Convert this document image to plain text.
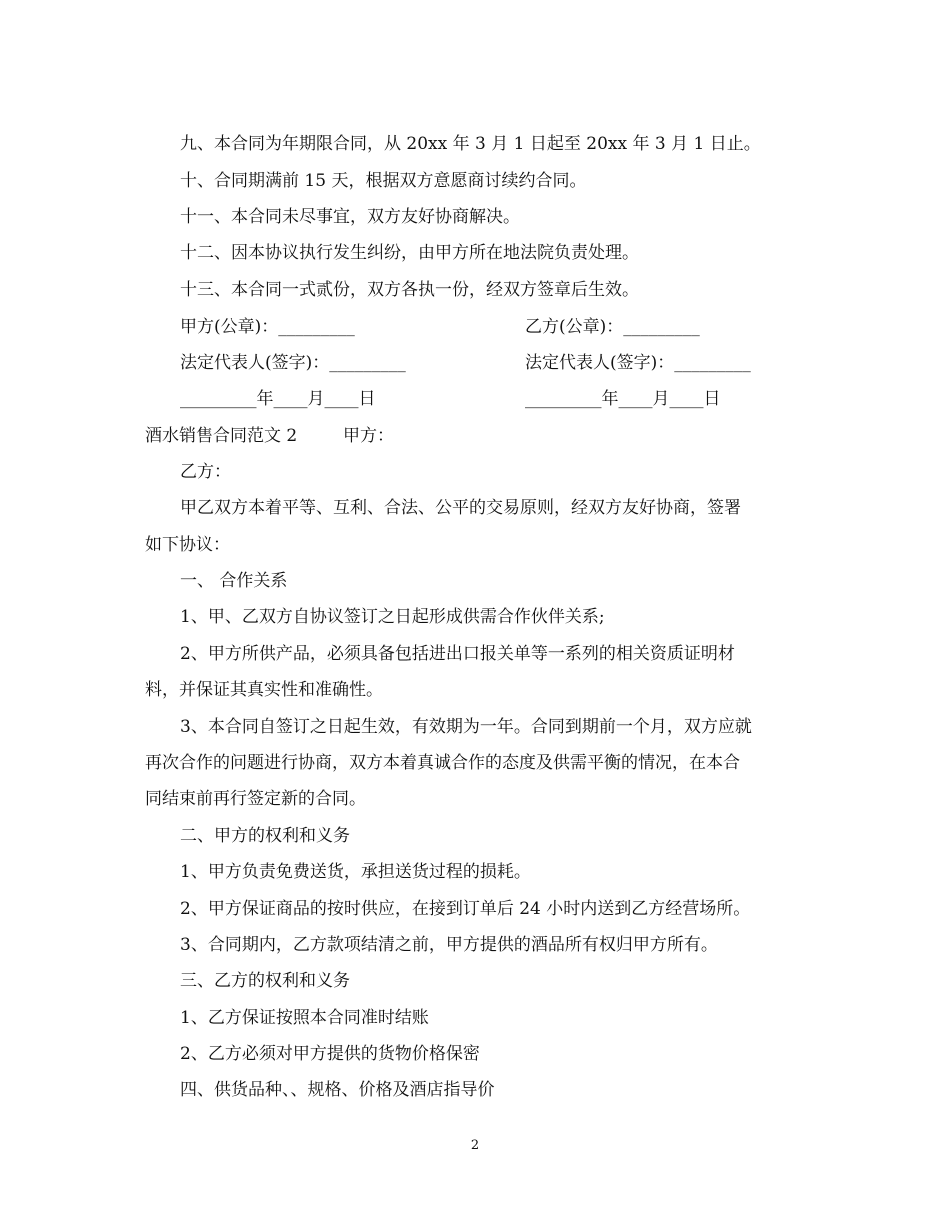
九、本合同为年期限合同，从 20xx 年 3 月 1 日起至 20xx 年 3 月 1 日止。
十、合同期满前 15 天，根据双方意愿商讨续约合同。
十一、本合同未尽事宜，双方友好协商解决。
十二、因本协议执行发生纠纷，由甲方所在地法院负责处理。
十三、本合同一式贰份，双方各执一份，经双方签章后生效。
甲方(公章)：_________	乙方(公章)：_________
法定代表人(签字)：_________	法定代表人(签字)：_________
_________年____月____日	_________年____月____日
酒水销售合同范文 2	甲方：
乙方：
甲乙双方本着平等、互利、合法、公平的交易原则，经双方友好协商，签署
如下协议：
一、 合作关系
1、甲、乙双方自协议签订之日起形成供需合作伙伴关系;
2、甲方所供产品，必须具备包括进出口报关单等一系列的相关资质证明材
料，并保证其真实性和准确性。
3、本合同自签订之日起生效，有效期为一年。合同到期前一个月，双方应就
再次合作的问题进行协商，双方本着真诚合作的态度及供需平衡的情况，在本合
同结束前再行签定新的合同。
二、甲方的权利和义务
1、甲方负责免费送货，承担送货过程的损耗。
2、甲方保证商品的按时供应，在接到订单后 24 小时内送到乙方经营场所。
3、合同期内，乙方款项结清之前，甲方提供的酒品所有权归甲方所有。
三、乙方的权利和义务
1、乙方保证按照本合同准时结账
2、乙方必须对甲方提供的货物价格保密
四、供货品种、、规格、价格及酒店指导价
2
